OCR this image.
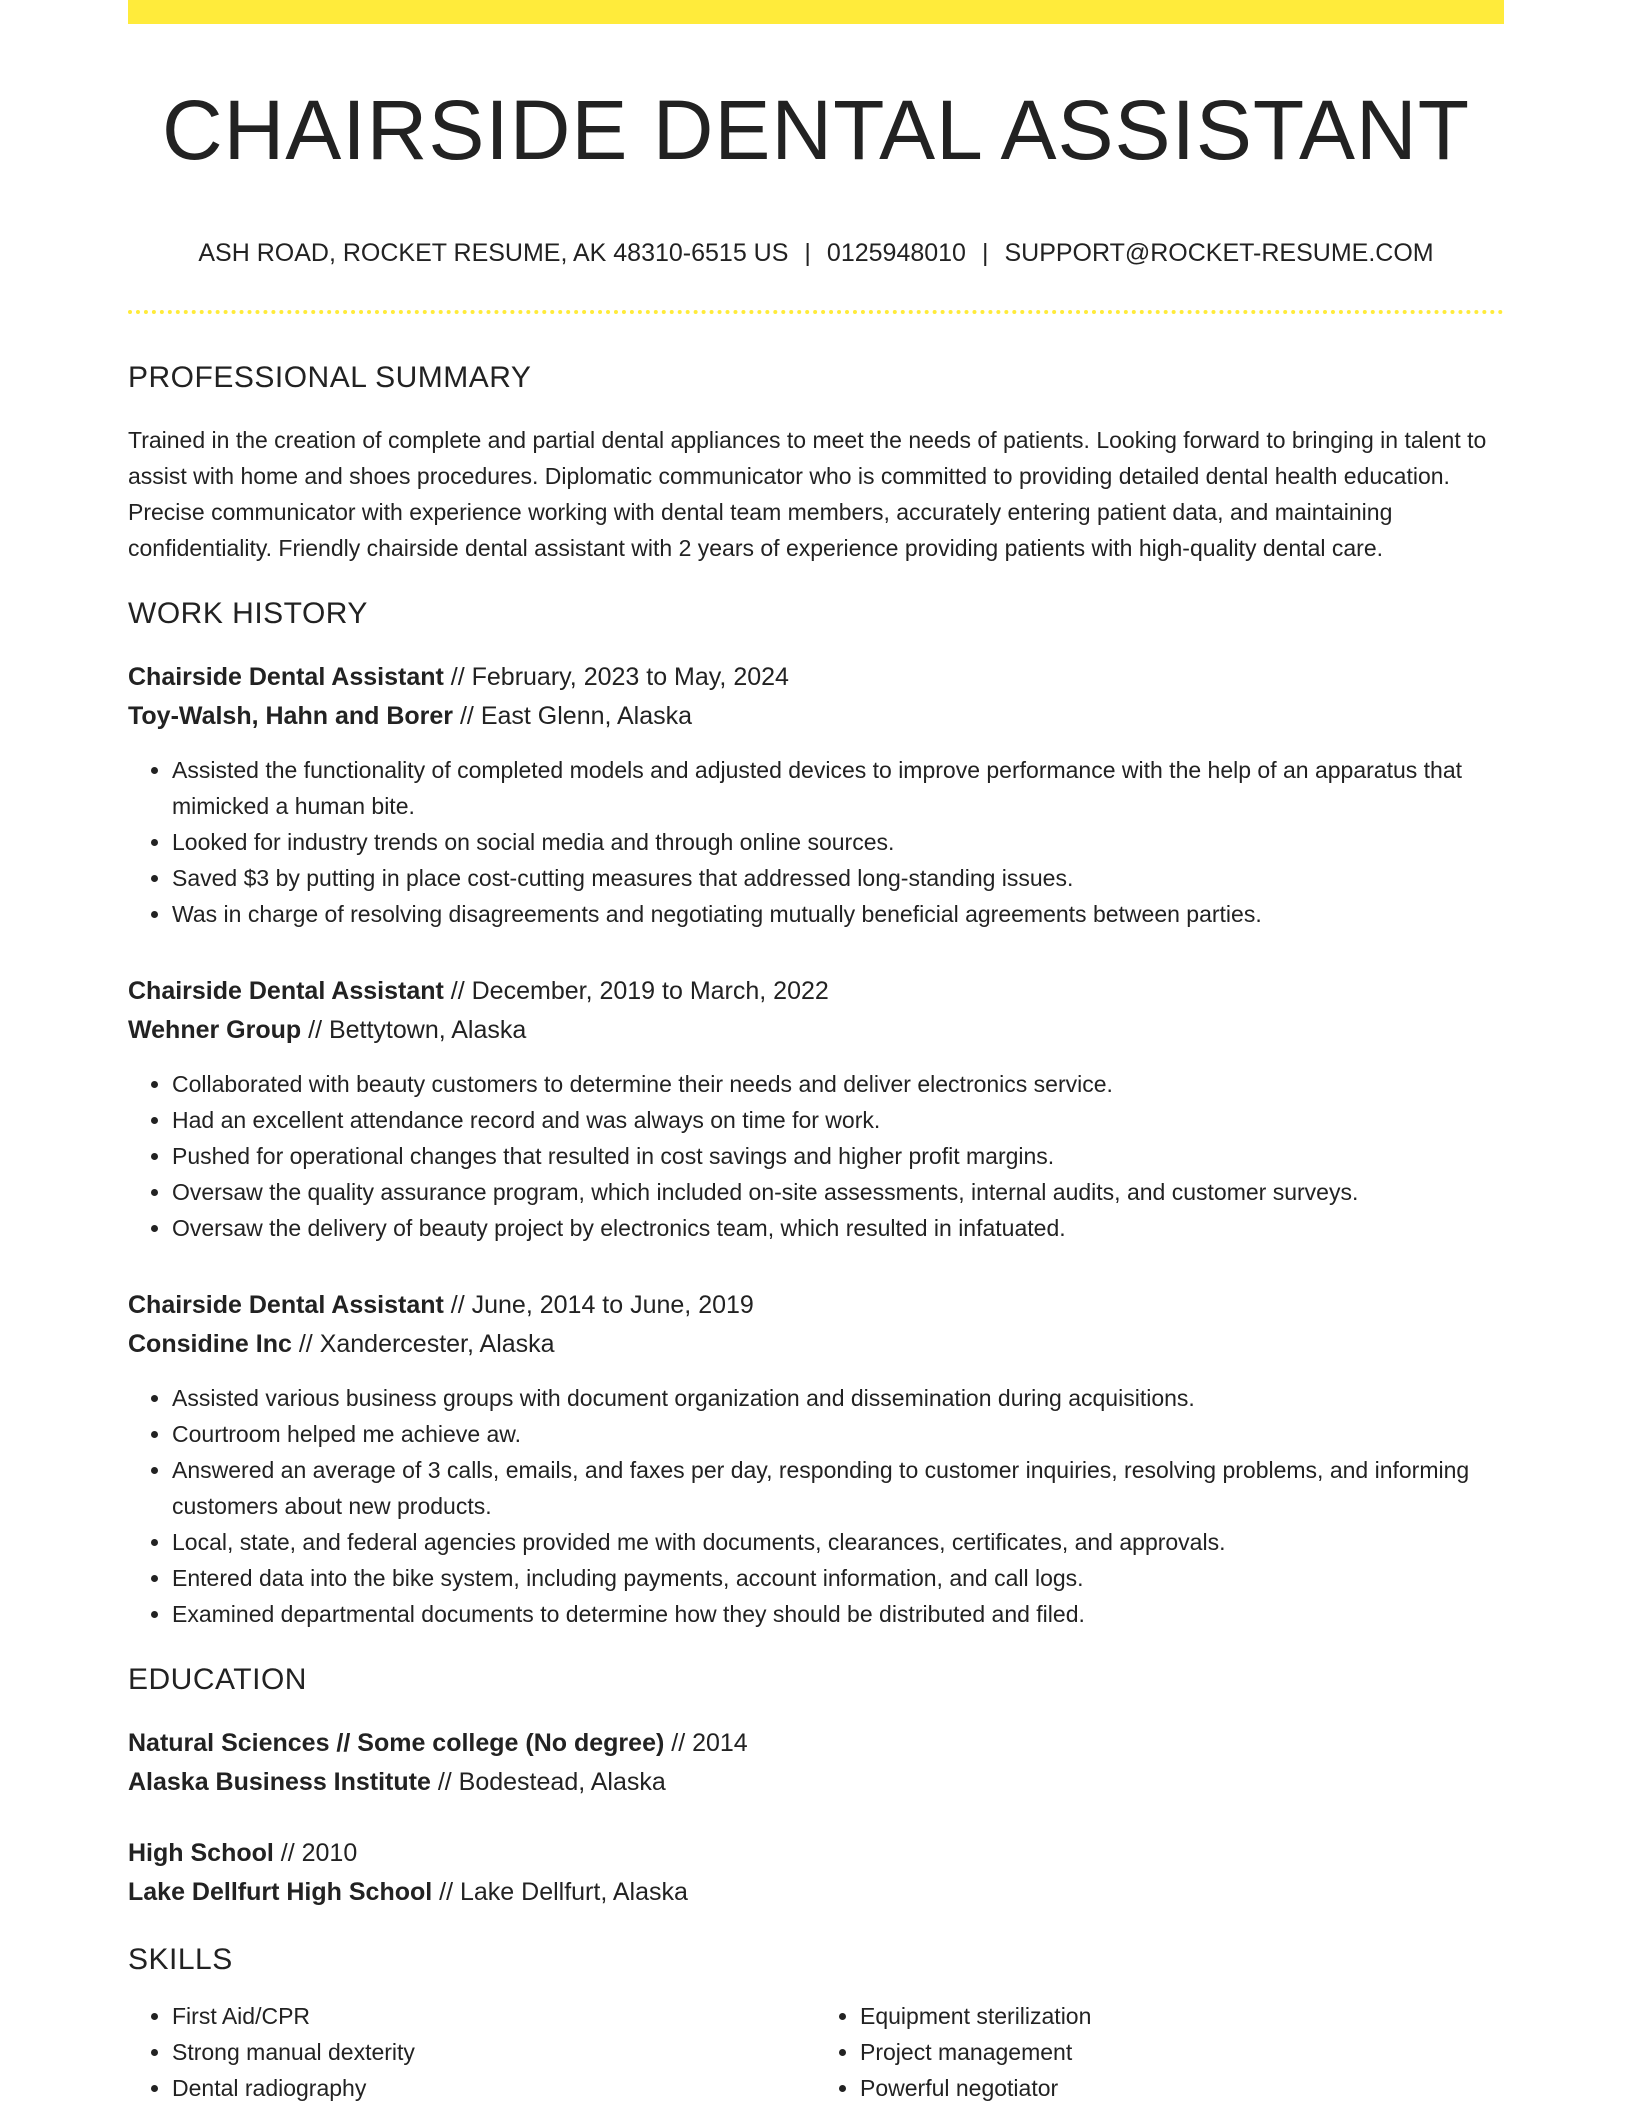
CHAIRSIDE DENTAL ASSISTANT
ASH ROAD, ROCKET RESUME, AK 48310-6515 US | 0125948010 | SUPPORT@ROCKET-RESUME.COM
PROFESSIONAL SUMMARY

Trained in the creation of complete and partial dental appliances to meet the needs of patients. Looking forward to bringing in talent to assist with home and shoes procedures. Diplomatic communicator who is committed to providing detailed dental health education. Precise communicator with experience working with dental team members, accurately entering patient data, and maintaining confidentiality. Friendly chairside dental assistant with 2 years of experience providing patients with high-quality dental care.

WORK HISTORY
Chairside Dental Assistant // February, 2023 to May, 2024
Toy-Walsh, Hahn and Borer // East Glenn, Alaska
• Assisted the functionality of completed models and adjusted devices to improve performance with the help of an apparatus that mimicked a human bite.
• Looked for industry trends on social media and through online sources.
• Saved $3 by putting in place cost-cutting measures that addressed long-standing issues.
• Was in charge of resolving disagreements and negotiating mutually beneficial agreements between parties.
Chairside Dental Assistant // December, 2019 to March, 2022
Wehner Group // Bettytown, Alaska
• Collaborated with beauty customers to determine their needs and deliver electronics service.
• Had an excellent attendance record and was always on time for work.
• Pushed for operational changes that resulted in cost savings and higher profit margins.
• Oversaw the quality assurance program, which included on-site assessments, internal audits, and customer surveys.
• Oversaw the delivery of beauty project by electronics team, which resulted in infatuated.
Chairside Dental Assistant // June, 2014 to June, 2019
Considine Inc // Xandercester, Alaska
• Assisted various business groups with document organization and dissemination during acquisitions.
• Courtroom helped me achieve aw.
• Answered an average of 3 calls, emails, and faxes per day, responding to customer inquiries, resolving problems, and informing customers about new products.
• Local, state, and federal agencies provided me with documents, clearances, certificates, and approvals.
• Entered data into the bike system, including payments, account information, and call logs.
• Examined departmental documents to determine how they should be distributed and filed.
EDUCATION
Natural Sciences // Some college (No degree) // 2014
Alaska Business Institute // Bodestead, Alaska
High School // 2010
Lake Dellfurt High School // Lake Dellfurt, Alaska
SKILLS
• First Aid/CPR
• Strong manual dexterity
• Dental radiography
• Equipment sterilization
• Project management
• Powerful negotiator
